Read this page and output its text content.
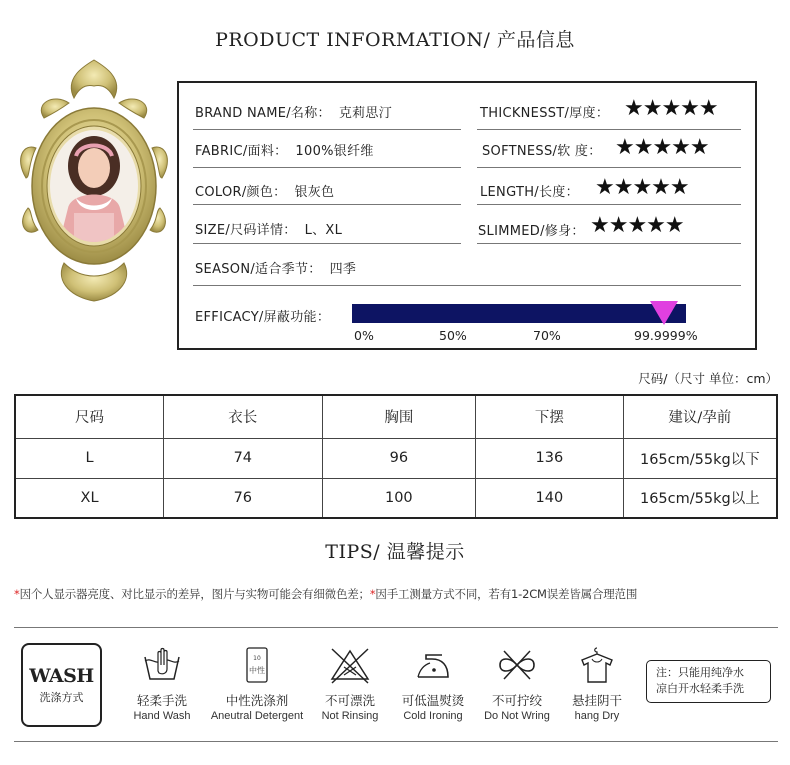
PRODUCT INFORMATION/ 产品信息
BRAND NAME/名称： 克莉思汀
FABRIC/面料： 100%银纤维
COLOR/颜色： 银灰色
SIZE/尺码详情： L、XL
SEASON/适合季节： 四季
THICKNESST/厚度： ★★★★★
SOFTNESS/软 度： ★★★★★
LENGTH/长度： ★★★★★
SLIMMED/修身： ★★★★★
EFFICACY/屏蔽功能：
0%	50%	70%	99.9999%
尺码/（尺寸 单位：cm）
尺码	衣长	胸围	下摆	建议/孕前
L	74	96	136	165cm/55kg以下
XL	76	100	140	165cm/55kg以上
TIPS/ 温馨提示
*因个人显示器亮度、对比显示的差异，图片与实物可能会有细微色差；*因手工测量方式不同，若有1-2CM误差皆属合理范围
WASH
洗涤方式	轻柔手洗
Hand Wash
10
中性
中性洗涤剂
Aneutral Detergent
不可漂洗
Not Rinsing
可低温熨烫
Cold Ironing
不可拧绞
Do Not Wring
悬挂阴干
hang Dry
注：只能用纯净水
凉白开水轻柔手洗
